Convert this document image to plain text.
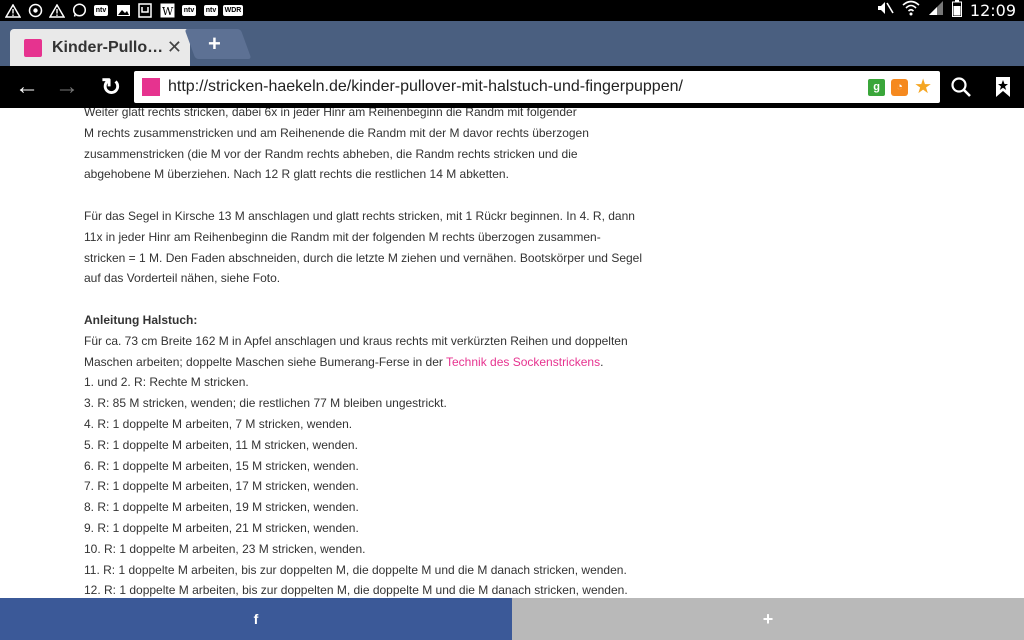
ntv	W ntv ntv WDR	12:09
Kinder-Pullo… ✕ +
← → ↻	http://stricken-haekeln.de/kinder-pullover-mit-halstuch-und-fingerpuppen/	g	◔ ★
Weiter glatt rechts stricken, dabei 6x in jeder Hinr am Reihenbeginn die Randm mit folgender
M rechts zusammenstricken und am Reihenende die Randm mit der M davor rechts überzogen
zusammenstricken (die M vor der Randm rechts abheben, die Randm rechts stricken und die
abgehobene M überziehen. Nach 12 R glatt rechts die restlichen 14 M abketten.
Für das Segel in Kirsche 13 M anschlagen und glatt rechts stricken, mit 1 Rückr beginnen. In 4. R, dann
11x in jeder Hinr am Reihenbeginn die Randm mit der folgenden M rechts überzogen zusammen-
stricken = 1 M. Den Faden abschneiden, durch die letzte M ziehen und vernähen. Bootskörper und Segel
auf das Vorderteil nähen, siehe Foto.
Anleitung Halstuch:
Für ca. 73 cm Breite 162 M in Apfel anschlagen und kraus rechts mit verkürzten Reihen und doppelten
Maschen arbeiten; doppelte Maschen siehe Bumerang-Ferse in der Technik des Sockenstrickens.
1. und 2. R: Rechte M stricken.
3. R: 85 M stricken, wenden; die restlichen 77 M bleiben ungestrickt.
4. R: 1 doppelte M arbeiten, 7 M stricken, wenden.
5. R: 1 doppelte M arbeiten, 11 M stricken, wenden.
6. R: 1 doppelte M arbeiten, 15 M stricken, wenden.
7. R: 1 doppelte M arbeiten, 17 M stricken, wenden.
8. R: 1 doppelte M arbeiten, 19 M stricken, wenden.
9. R: 1 doppelte M arbeiten, 21 M stricken, wenden.
10. R: 1 doppelte M arbeiten, 23 M stricken, wenden.
11. R: 1 doppelte M arbeiten, bis zur doppelten M, die doppelte M und die M danach stricken, wenden.
12. R: 1 doppelte M arbeiten, bis zur doppelten M, die doppelte M und die M danach stricken, wenden.
f	+
